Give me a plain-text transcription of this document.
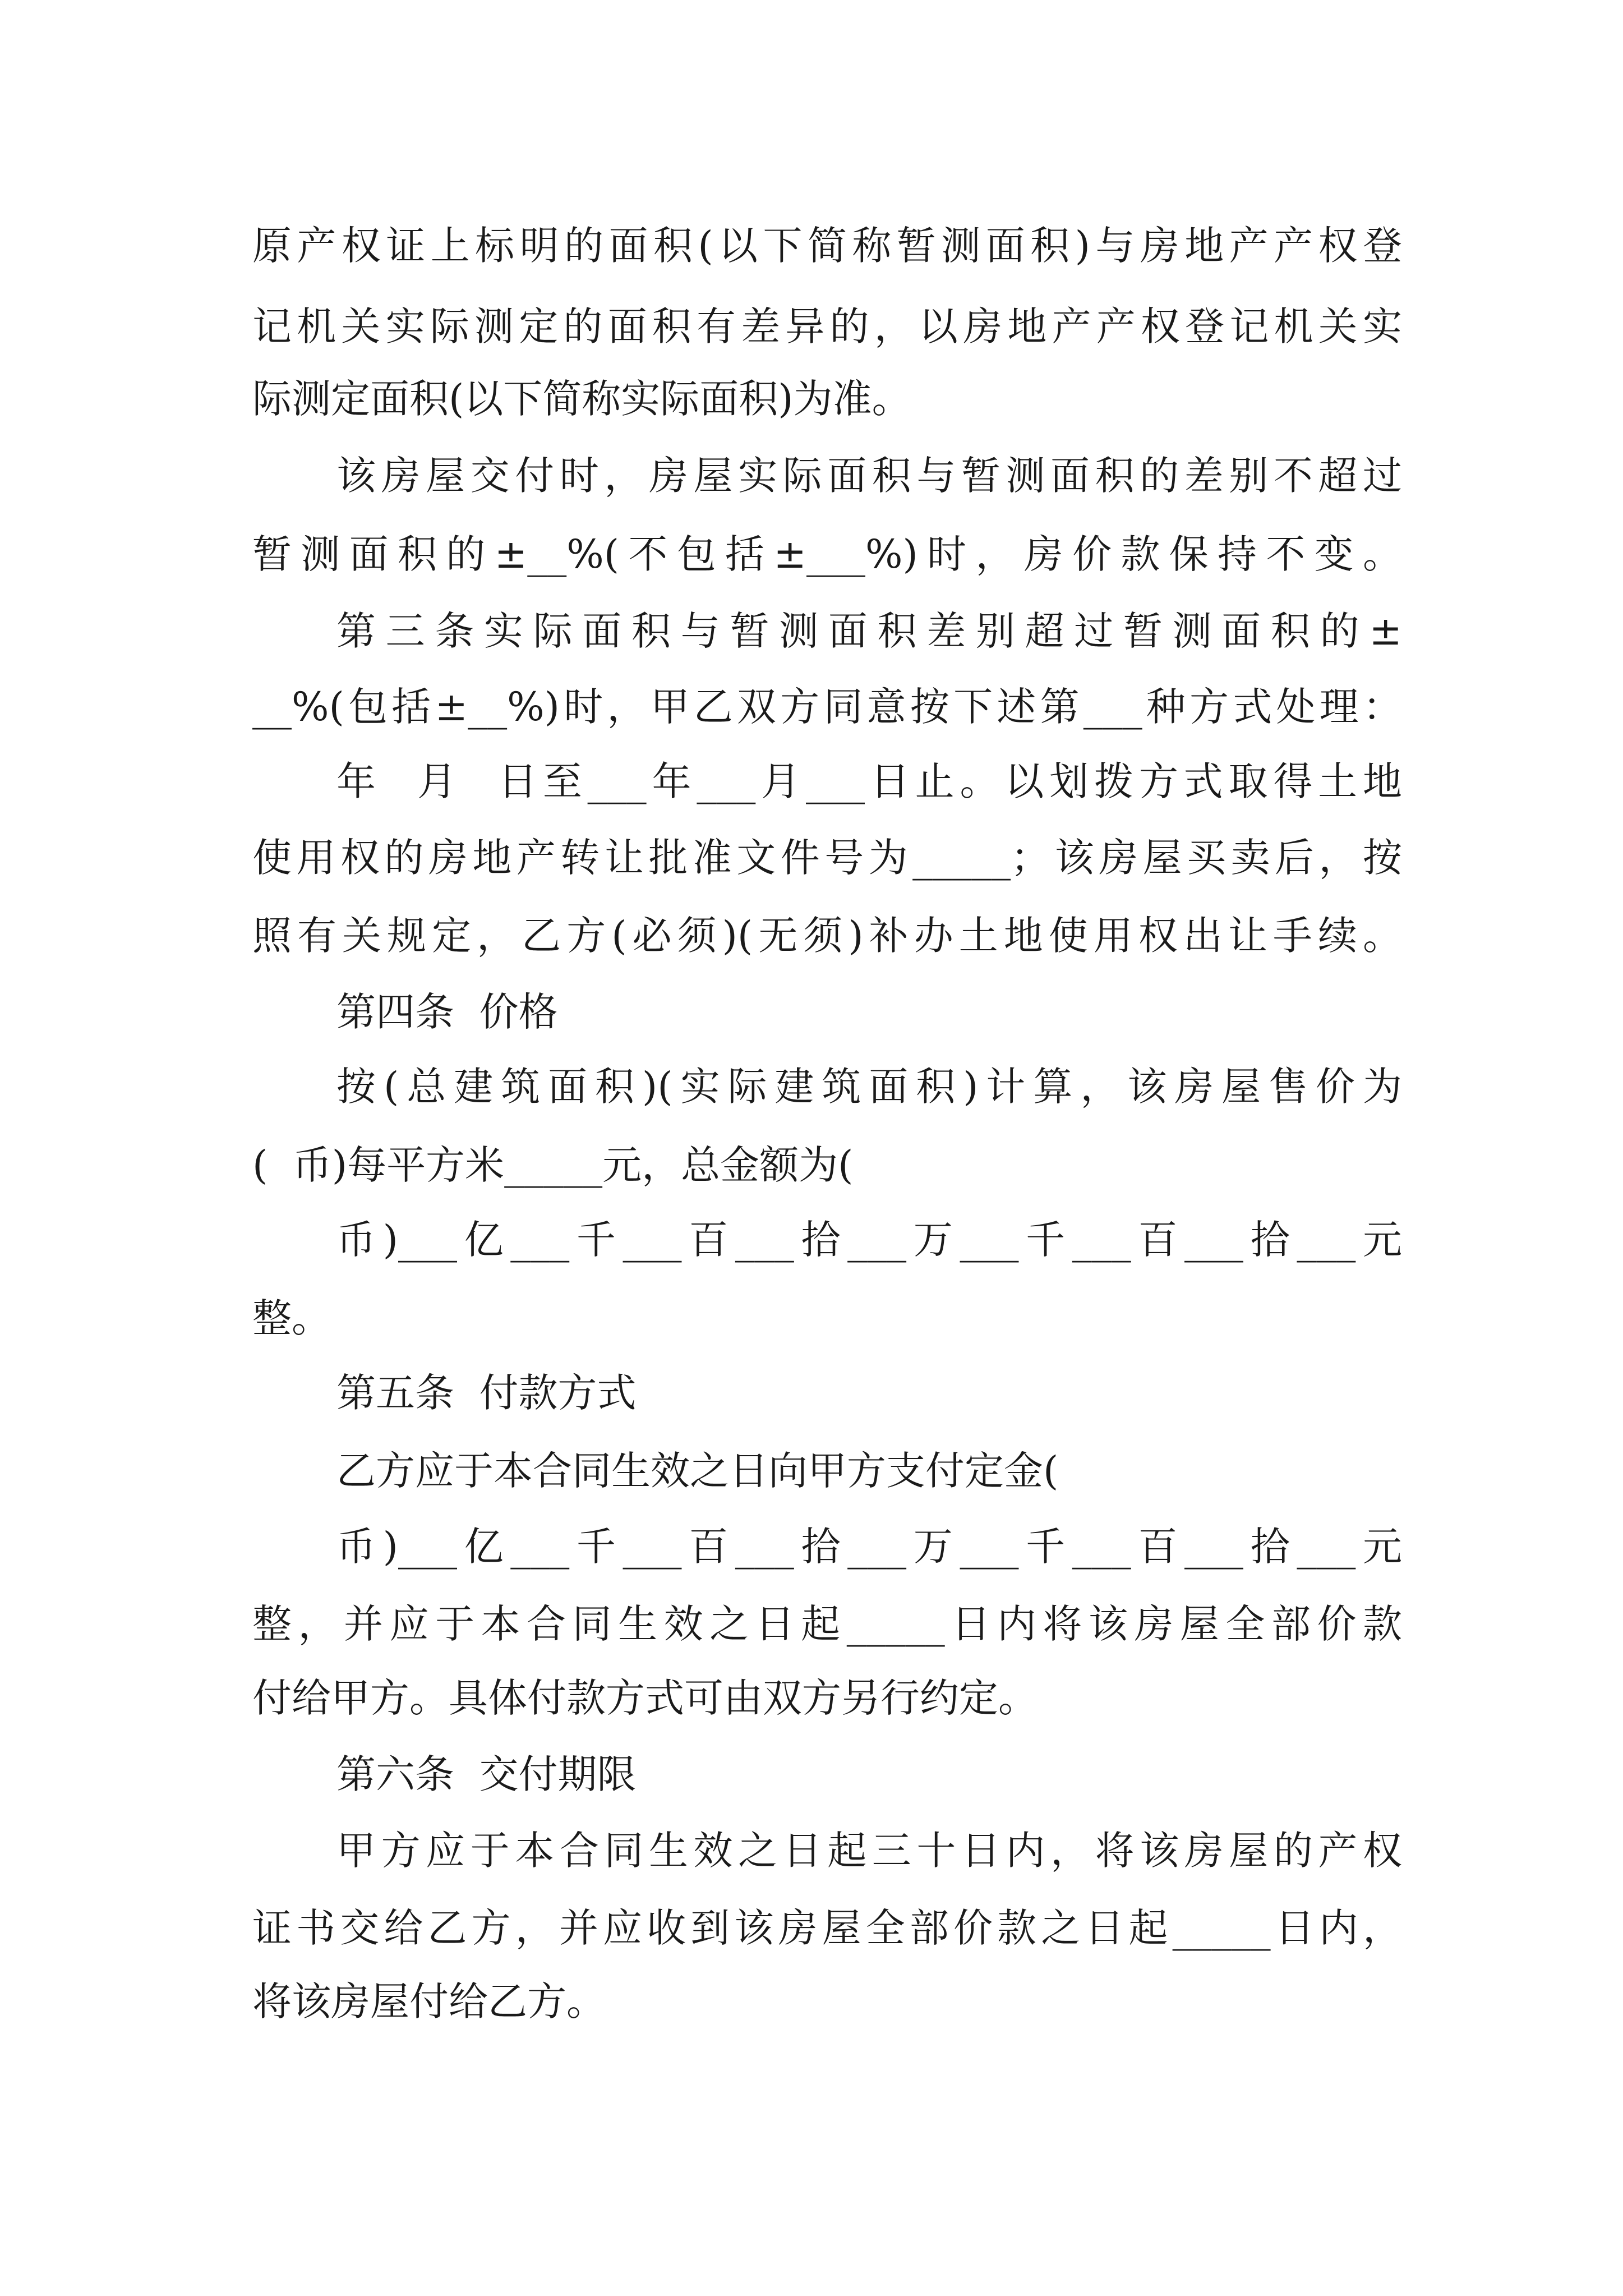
原产权证上标明的面积(以下简称暂测面积)与房地产产权登
记机关实际测定的面积有差异的，以房地产产权登记机关实
际测定面积(以下简称实际面积)为准。
该房屋交付时，房屋实际面积与暂测面积的差别不超过
暂测面积的±__%(不包括±___%)时，房价款保持不变。
第三条实际面积与暂测面积差别超过暂测面积的±
__%(包括±__%)时，甲乙双方同意按下述第___种方式处理：
年  月  日至___年___月___日止。以划拨方式取得土地
使用权的房地产转让批准文件号为_____；该房屋买卖后，按
照有关规定，乙方(必须)(无须)补办土地使用权出让手续。
第四条  价格
按(总建筑面积)(实际建筑面积)计算，该房屋售价为
(  币)每平方米_____元，总金额为(
币)___亿___千___百___拾___万___千___百___拾___元
整。
第五条  付款方式
乙方应于本合同生效之日向甲方支付定金(
币)___亿___千___百___拾___万___千___百___拾___元
整，并应于本合同生效之日起_____日内将该房屋全部价款
付给甲方。具体付款方式可由双方另行约定。
第六条  交付期限
甲方应于本合同生效之日起三十日内，将该房屋的产权
证书交给乙方，并应收到该房屋全部价款之日起_____日内，
将该房屋付给乙方。
